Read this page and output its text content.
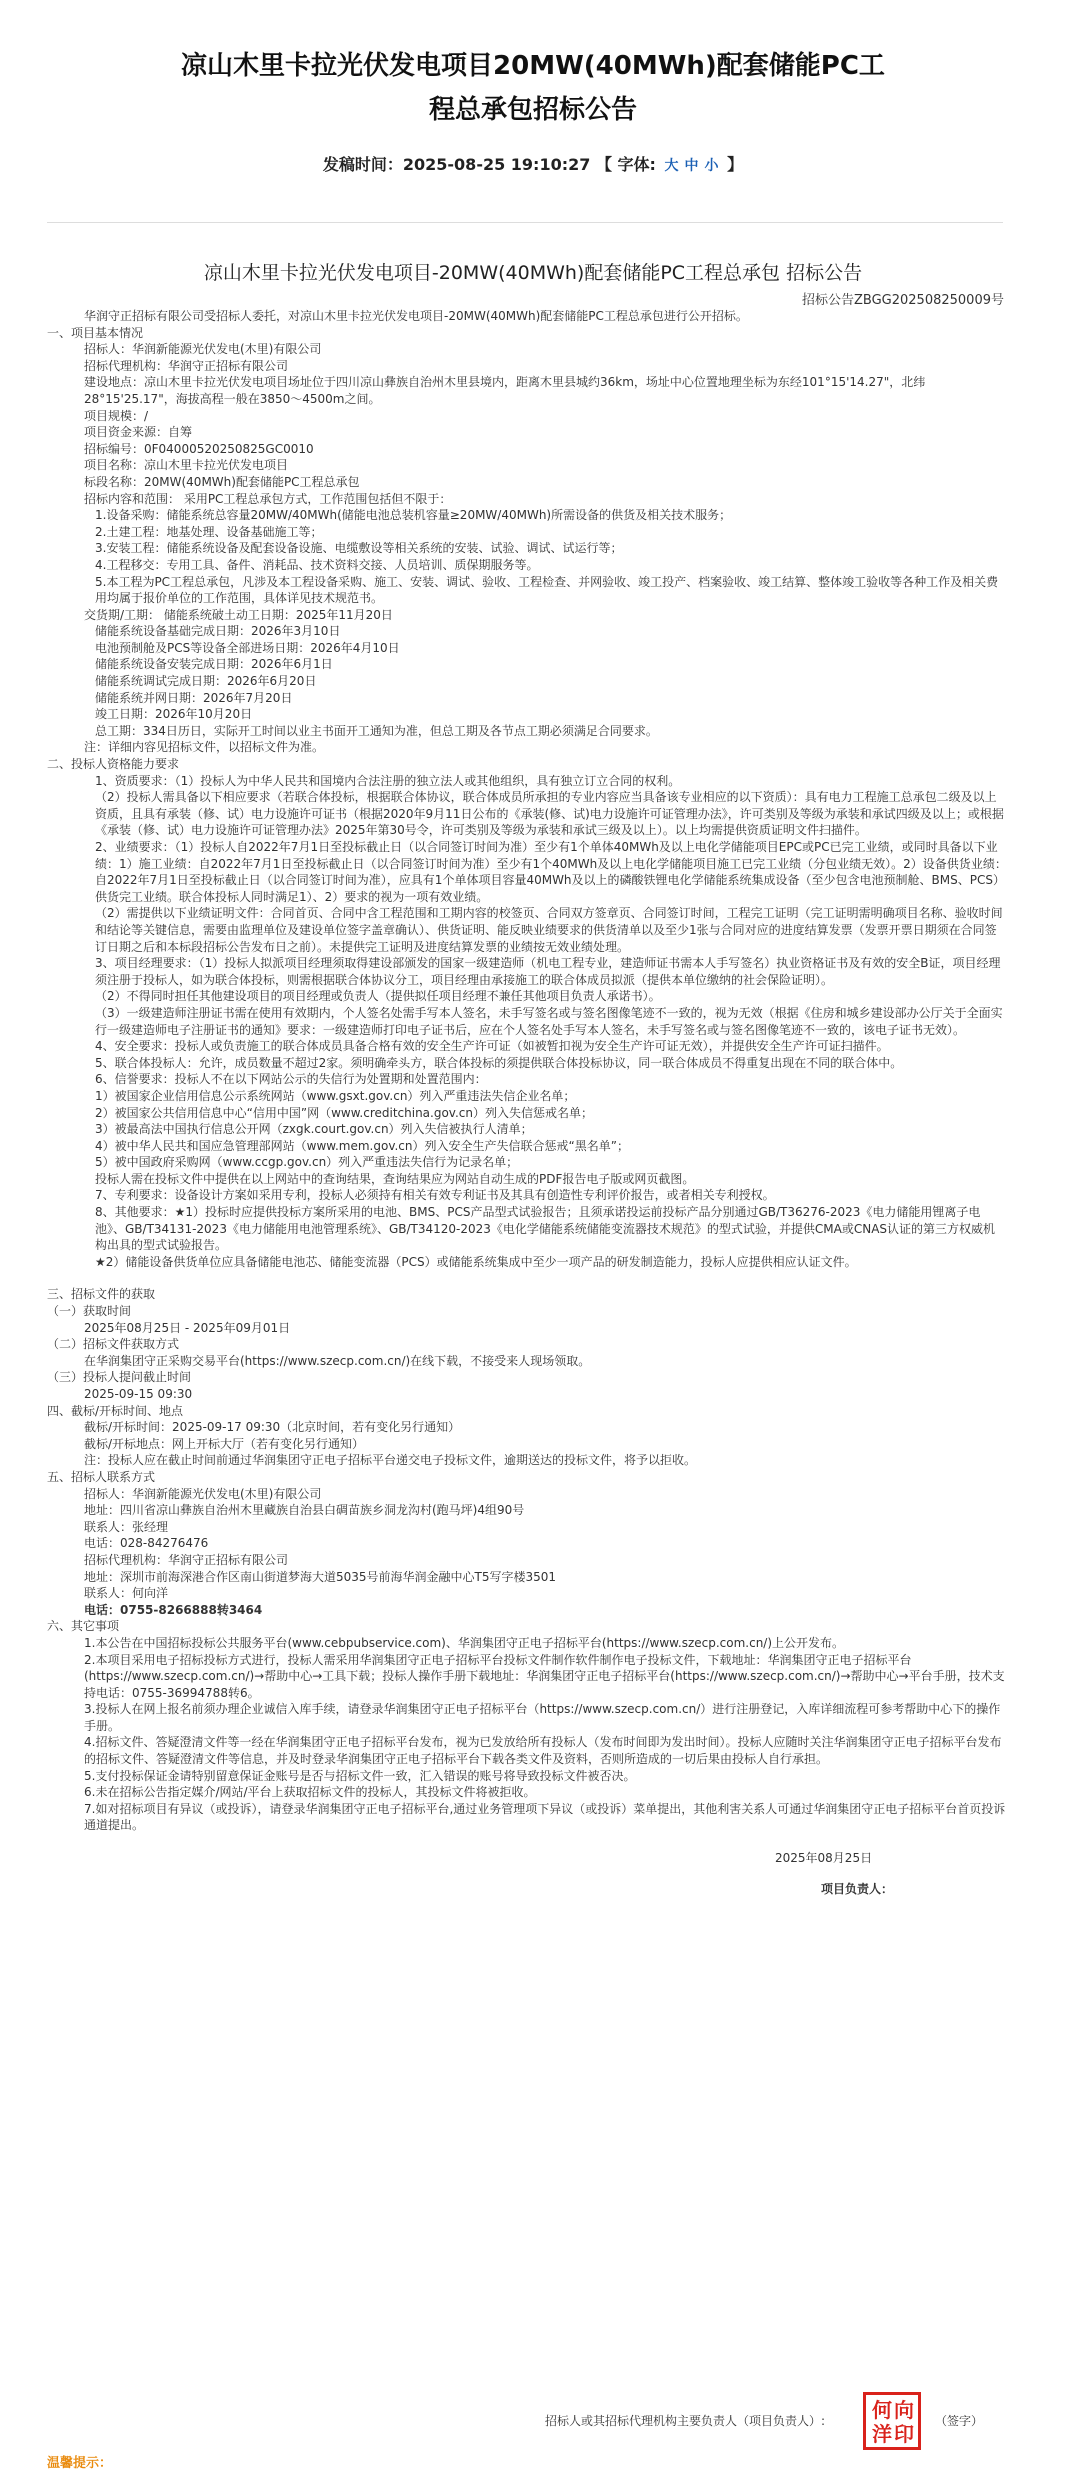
凉山木里卡拉光伏发电项目20MW(40MWh)配套储能PC工
程总承包招标公告
发稿时间：2025-08-25 19:10:27 【 字体: 大 中 小 】
凉山木里卡拉光伏发电项目-20MW(40MWh)配套储能PC工程总承包 招标公告
招标公告ZBGG202508250009号
华润守正招标有限公司受招标人委托，对凉山木里卡拉光伏发电项目-20MW(40MWh)配套储能PC工程总承包进行公开招标。
一、项目基本情况
招标人：华润新能源光伏发电(木里)有限公司
招标代理机构：华润守正招标有限公司
建设地点：凉山木里卡拉光伏发电项目场址位于四川凉山彝族自治州木里县境内，距离木里县城约36km，场址中心位置地理坐标为东经101°15'14.27"，北纬28°15'25.17"，海拔高程一般在3850～4500m之间。
项目规模：/
项目资金来源：自筹
招标编号：0F04000520250825GC0010
项目名称：凉山木里卡拉光伏发电项目
标段名称：20MW(40MWh)配套储能PC工程总承包
招标内容和范围： 采用PC工程总承包方式，工作范围包括但不限于：
1.设备采购：储能系统总容量20MW/40MWh(储能电池总装机容量≥20MW/40MWh)所需设备的供货及相关技术服务；
2.土建工程：地基处理、设备基础施工等；
3.安装工程：储能系统设备及配套设备设施、电缆敷设等相关系统的安装、试验、调试、试运行等；
4.工程移交：专用工具、备件、消耗品、技术资料交接、人员培训、质保期服务等。
5.本工程为PC工程总承包，凡涉及本工程设备采购、施工、安装、调试、验收、工程检查、并网验收、竣工投产、档案验收、竣工结算、整体竣工验收等各种工作及相关费用均属于报价单位的工作范围，具体详见技术规范书。
交货期/工期： 储能系统破土动工日期：2025年11月20日
储能系统设备基础完成日期：2026年3月10日
电池预制舱及PCS等设备全部进场日期：2026年4月10日
储能系统设备安装完成日期：2026年6月1日
储能系统调试完成日期：2026年6月20日
储能系统并网日期：2026年7月20日
竣工日期：2026年10月20日
总工期：334日历日，实际开工时间以业主书面开工通知为准，但总工期及各节点工期必须满足合同要求。
注：详细内容见招标文件，以招标文件为准。
二、投标人资格能力要求
1、资质要求：（1）投标人为中华人民共和国境内合法注册的独立法人或其他组织，具有独立订立合同的权利。
（2）投标人需具备以下相应要求（若联合体投标，根据联合体协议，联合体成员所承担的专业内容应当具备该专业相应的以下资质）：具有电力工程施工总承包二级及以上资质，且具有承装（修、试）电力设施许可证书（根据2020年9月11日公布的《承装(修、试)电力设施许可证管理办法》，许可类别及等级为承装和承试四级及以上；或根据《承装（修、试）电力设施许可证管理办法》2025年第30号令，许可类别及等级为承装和承试三级及以上）。以上均需提供资质证明文件扫描件。
2、业绩要求：（1）投标人自2022年7月1日至投标截止日（以合同签订时间为准）至少有1个单体40MWh及以上电化学储能项目EPC或PC已完工业绩，或同时具备以下业绩：1）施工业绩：自2022年7月1日至投标截止日（以合同签订时间为准）至少有1个40MWh及以上电化学储能项目施工已完工业绩（分包业绩无效）。2）设备供货业绩：自2022年7月1日至投标截止日（以合同签订时间为准），应具有1个单体项目容量40MWh及以上的磷酸铁锂电化学储能系统集成设备（至少包含电池预制舱、BMS、PCS）供货完工业绩。联合体投标人同时满足1）、2）要求的视为一项有效业绩。
（2）需提供以下业绩证明文件：合同首页、合同中含工程范围和工期内容的校签页、合同双方签章页、合同签订时间，工程完工证明（完工证明需明确项目名称、验收时间和结论等关键信息，需要由监理单位及建设单位签字盖章确认）、供货证明、能反映业绩要求的供货清单以及至少1张与合同对应的进度结算发票（发票开票日期须在合同签订日期之后和本标段招标公告发布日之前）。未提供完工证明及进度结算发票的业绩按无效业绩处理。
3、项目经理要求：（1）投标人拟派项目经理须取得建设部颁发的国家一级建造师（机电工程专业，建造师证书需本人手写签名）执业资格证书及有效的安全B证，项目经理须注册于投标人，如为联合体投标，则需根据联合体协议分工，项目经理由承接施工的联合体成员拟派（提供本单位缴纳的社会保险证明）。
（2）不得同时担任其他建设项目的项目经理或负责人（提供拟任项目经理不兼任其他项目负责人承诺书）。
（3）一级建造师注册证书需在使用有效期内，个人签名处需手写本人签名，未手写签名或与签名图像笔迹不一致的，视为无效（根据《住房和城乡建设部办公厅关于全面实行一级建造师电子注册证书的通知》要求：一级建造师打印电子证书后，应在个人签名处手写本人签名，未手写签名或与签名图像笔迹不一致的，该电子证书无效）。
4、安全要求：投标人或负责施工的联合体成员具备合格有效的安全生产许可证（如被暂扣视为安全生产许可证无效），并提供安全生产许可证扫描件。
5、联合体投标人：允许，成员数量不超过2家。须明确牵头方，联合体投标的须提供联合体投标协议，同一联合体成员不得重复出现在不同的联合体中。
6、信誉要求：投标人不在以下网站公示的失信行为处置期和处置范围内：
1）被国家企业信用信息公示系统网站（www.gsxt.gov.cn）列入严重违法失信企业名单；
2）被国家公共信用信息中心“信用中国”网（www.creditchina.gov.cn）列入失信惩戒名单；
3）被最高法中国执行信息公开网（zxgk.court.gov.cn）列入失信被执行人清单；
4）被中华人民共和国应急管理部网站（www.mem.gov.cn）列入安全生产失信联合惩戒“黑名单”；
5）被中国政府采购网（www.ccgp.gov.cn）列入严重违法失信行为记录名单；
投标人需在投标文件中提供在以上网站中的查询结果，查询结果应为网站自动生成的PDF报告电子版或网页截图。
7、专利要求：设备设计方案如采用专利，投标人必须持有相关有效专利证书及其具有创造性专利评价报告，或者相关专利授权。
8、其他要求：★1）投标时应提供投标方案所采用的电池、BMS、PCS产品型式试验报告；且须承诺投运前投标产品分别通过GB/T36276-2023《电力储能用锂离子电池》、GB/T34131-2023《电力储能用电池管理系统》、GB/T34120-2023《电化学储能系统储能变流器技术规范》的型式试验，并提供CMA或CNAS认证的第三方权威机构出具的型式试验报告。
★2）储能设备供货单位应具备储能电池芯、储能变流器（PCS）或储能系统集成中至少一项产品的研发制造能力，投标人应提供相应认证文件。
三、招标文件的获取
（一）获取时间
2025年08月25日 - 2025年09月01日
（二）招标文件获取方式
在华润集团守正采购交易平台(https://www.szecp.com.cn/)在线下载，不接受来人现场领取。
（三）投标人提问截止时间
2025-09-15 09:30
四、截标/开标时间、地点
截标/开标时间：2025-09-17 09:30（北京时间，若有变化另行通知）
截标/开标地点：网上开标大厅（若有变化另行通知）
注：投标人应在截止时间前通过华润集团守正电子招标平台递交电子投标文件，逾期送达的投标文件，将予以拒收。
五、招标人联系方式
招标人：华润新能源光伏发电(木里)有限公司
地址：四川省凉山彝族自治州木里藏族自治县白碉苗族乡洞龙沟村(跑马坪)4组90号
联系人：张经理
电话：028-84276476
招标代理机构：华润守正招标有限公司
地址：深圳市前海深港合作区南山街道梦海大道5035号前海华润金融中心T5写字楼3501
联系人：何向洋
电话：0755-8266888转3464
六、其它事项
1.本公告在中国招标投标公共服务平台(www.cebpubservice.com)、华润集团守正电子招标平台(https://www.szecp.com.cn/)上公开发布。
2.本项目采用电子招标投标方式进行，投标人需采用华润集团守正电子招标平台投标文件制作软件制作电子投标文件，下载地址：华润集团守正电子招标平台(https://www.szecp.com.cn/)→帮助中心→工具下载；投标人操作手册下载地址：华润集团守正电子招标平台(https://www.szecp.com.cn/)→帮助中心→平台手册，技术支持电话：0755-36994788转6。
3.投标人在网上报名前须办理企业诚信入库手续，请登录华润集团守正电子招标平台（https://www.szecp.com.cn/）进行注册登记，入库详细流程可参考帮助中心下的操作手册。
4.招标文件、答疑澄清文件等一经在华润集团守正电子招标平台发布，视为已发放给所有投标人（发布时间即为发出时间）。投标人应随时关注华润集团守正电子招标平台发布的招标文件、答疑澄清文件等信息，并及时登录华润集团守正电子招标平台下载各类文件及资料，否则所造成的一切后果由投标人自行承担。
5.支付投标保证金请特别留意保证金账号是否与招标文件一致，汇入错误的账号将导致投标文件被否决。
6.未在招标公告指定媒介/网站/平台上获取招标文件的投标人，其投标文件将被拒收。
7.如对招标项目有异议（或投诉），请登录华润集团守正电子招标平台,通过业务管理项下异议（或投诉）菜单提出，其他利害关系人可通过华润集团守正电子招标平台首页投诉通道提出。
2025年08月25日
项目负责人：
招标人或其招标代理机构主要负责人（项目负责人）:	（签字）
何 向
洋 印
温馨提示：
